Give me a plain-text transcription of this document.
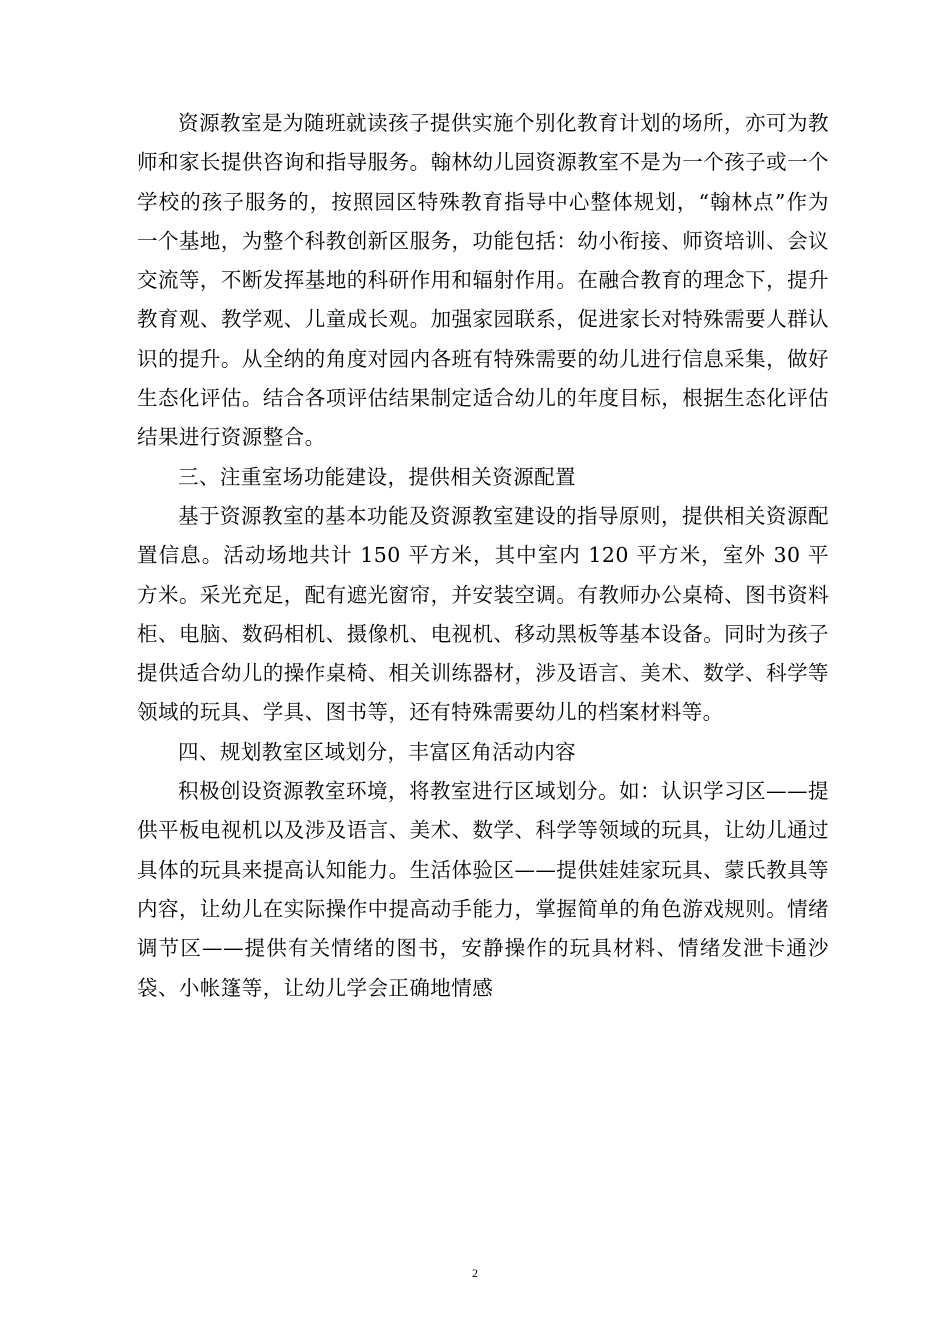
资源教室是为随班就读孩子提供实施个别化教育计划的场所，亦可为教师和家长提供咨询和指导服务。翰林幼儿园资源教室不是为一个孩子或一个学校的孩子服务的，按照园区特殊教育指导中心整体规划，“翰林点”作为一个基地，为整个科教创新区服务，功能包括：幼小衔接、师资培训、会议交流等，不断发挥基地的科研作用和辐射作用。在融合教育的理念下，提升教育观、教学观、儿童成长观。加强家园联系，促进家长对特殊需要人群认识的提升。从全纳的角度对园内各班有特殊需要的幼儿进行信息采集，做好生态化评估。结合各项评估结果制定适合幼儿的年度目标，根据生态化评估结果进行资源整合。

三、注重室场功能建设，提供相关资源配置

基于资源教室的基本功能及资源教室建设的指导原则，提供相关资源配置信息。活动场地共计 150 平方米，其中室内 120 平方米，室外 30 平方米。采光充足，配有遮光窗帘，并安装空调。有教师办公桌椅、图书资料柜、电脑、数码相机、摄像机、电视机、移动黑板等基本设备。同时为孩子提供适合幼儿的操作桌椅、相关训练器材，涉及语言、美术、数学、科学等领域的玩具、学具、图书等，还有特殊需要幼儿的档案材料等。

四、规划教室区域划分，丰富区角活动内容

积极创设资源教室环境，将教室进行区域划分。如：认识学习区——提供平板电视机以及涉及语言、美术、数学、科学等领域的玩具，让幼儿通过具体的玩具来提高认知能力。生活体验区——提供娃娃家玩具、蒙氏教具等内容，让幼儿在实际操作中提高动手能力，掌握简单的角色游戏规则。情绪调节区——提供有关情绪的图书，安静操作的玩具材料、情绪发泄卡通沙袋、小帐篷等，让幼儿学会正确地情感

2
